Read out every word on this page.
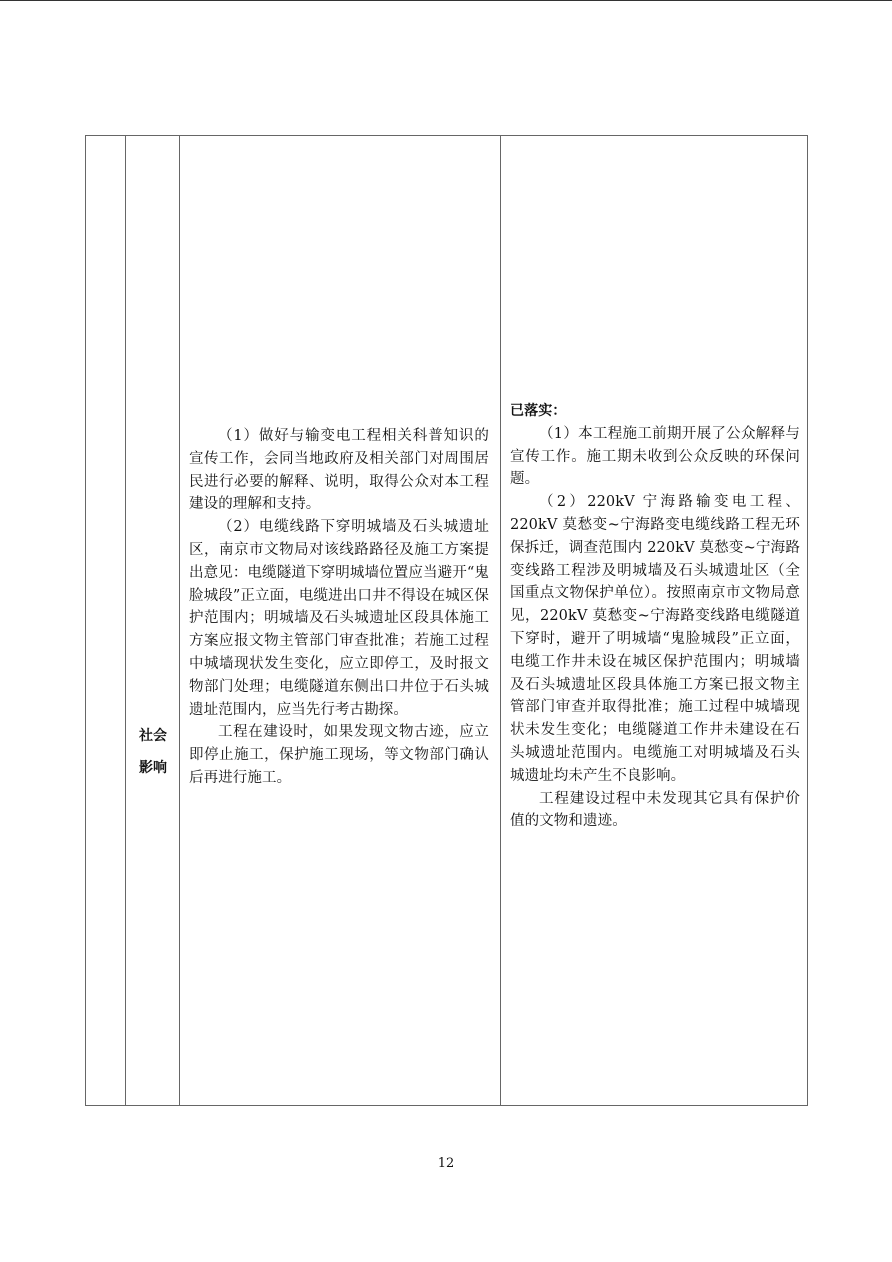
社会
影响

（1）做好与输变电工程相关科普知识的宣传工作，会同当地政府及相关部门对周围居民进行必要的解释、说明，取得公众对本工程建设的理解和支持。

（2）电缆线路下穿明城墙及石头城遗址区，南京市文物局对该线路路径及施工方案提出意见：电缆隧道下穿明城墙位置应当避开“鬼脸城段”正立面，电缆进出口井不得设在城区保护范围内；明城墙及石头城遗址区段具体施工方案应报文物主管部门审查批准；若施工过程中城墙现状发生变化，应立即停工，及时报文物部门处理；电缆隧道东侧出口井位于石头城遗址范围内，应当先行考古勘探。

工程在建设时，如果发现文物古迹，应立即停止施工，保护施工现场，等文物部门确认后再进行施工。

已落实：

（1）本工程施工前期开展了公众解释与宣传工作。施工期未收到公众反映的环保问题。

（2）220kV 宁海路输变电工程、220kV 莫愁变~宁海路变电缆线路工程无环保拆迁，调查范围内 220kV 莫愁变~宁海路变线路工程涉及明城墙及石头城遗址区（全国重点文物保护单位）。按照南京市文物局意见，220kV 莫愁变~宁海路变线路电缆隧道下穿时，避开了明城墙“鬼脸城段”正立面，电缆工作井未设在城区保护范围内；明城墙及石头城遗址区段具体施工方案已报文物主管部门审查并取得批准；施工过程中城墙现状未发生变化；电缆隧道工作井未建设在石头城遗址范围内。电缆施工对明城墙及石头城遗址均未产生不良影响。

工程建设过程中未发现其它具有保护价值的文物和遗迹。

12
